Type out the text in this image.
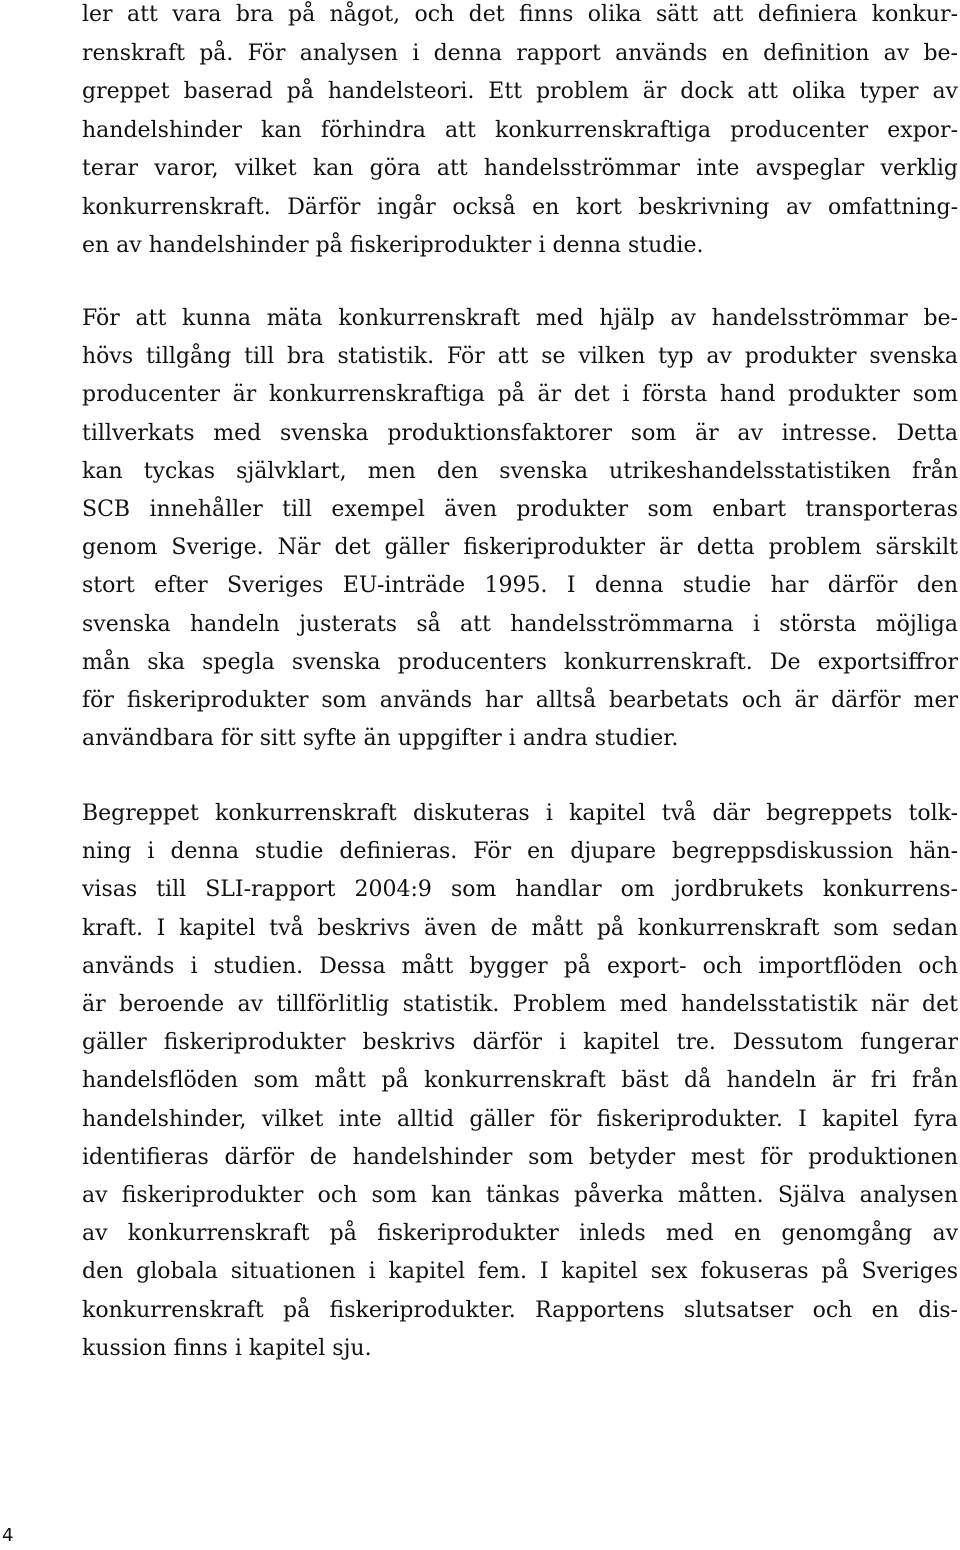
ler att vara bra på något, och det finns olika sätt att definiera konkur-
renskraft på. För analysen i denna rapport används en definition av be-
greppet baserad på handelsteori. Ett problem är dock att olika typer av
handelshinder kan förhindra att konkurrenskraftiga producenter expor-
terar varor, vilket kan göra att handelsströmmar inte avspeglar verklig
konkurrenskraft. Därför ingår också en kort beskrivning av omfattning-
en av handelshinder på fiskeriprodukter i denna studie.
För att kunna mäta konkurrenskraft med hjälp av handelsströmmar be-
hövs tillgång till bra statistik. För att se vilken typ av produkter svenska
producenter är konkurrenskraftiga på är det i första hand produkter som
tillverkats med svenska produktionsfaktorer som är av intresse. Detta
kan tyckas självklart, men den svenska utrikeshandelsstatistiken från
SCB innehåller till exempel även produkter som enbart transporteras
genom Sverige. När det gäller fiskeriprodukter är detta problem särskilt
stort efter Sveriges EU-inträde 1995. I denna studie har därför den
svenska handeln justerats så att handelsströmmarna i största möjliga
mån ska spegla svenska producenters konkurrenskraft. De exportsiffror
för fiskeriprodukter som används har alltså bearbetats och är därför mer
användbara för sitt syfte än uppgifter i andra studier.
Begreppet konkurrenskraft diskuteras i kapitel två där begreppets tolk-
ning i denna studie definieras. För en djupare begreppsdiskussion hän-
visas till SLI-rapport 2004:9 som handlar om jordbrukets konkurrens-
kraft. I kapitel två beskrivs även de mått på konkurrenskraft som sedan
används i studien. Dessa mått bygger på export- och importflöden och
är beroende av tillförlitlig statistik. Problem med handelsstatistik när det
gäller fiskeriprodukter beskrivs därför i kapitel tre. Dessutom fungerar
handelsflöden som mått på konkurrenskraft bäst då handeln är fri från
handelshinder, vilket inte alltid gäller för fiskeriprodukter. I kapitel fyra
identifieras därför de handelshinder som betyder mest för produktionen
av fiskeriprodukter och som kan tänkas påverka måtten. Själva analysen
av konkurrenskraft på fiskeriprodukter inleds med en genomgång av
den globala situationen i kapitel fem. I kapitel sex fokuseras på Sveriges
konkurrenskraft på fiskeriprodukter. Rapportens slutsatser och en dis-
kussion finns i kapitel sju.
4
